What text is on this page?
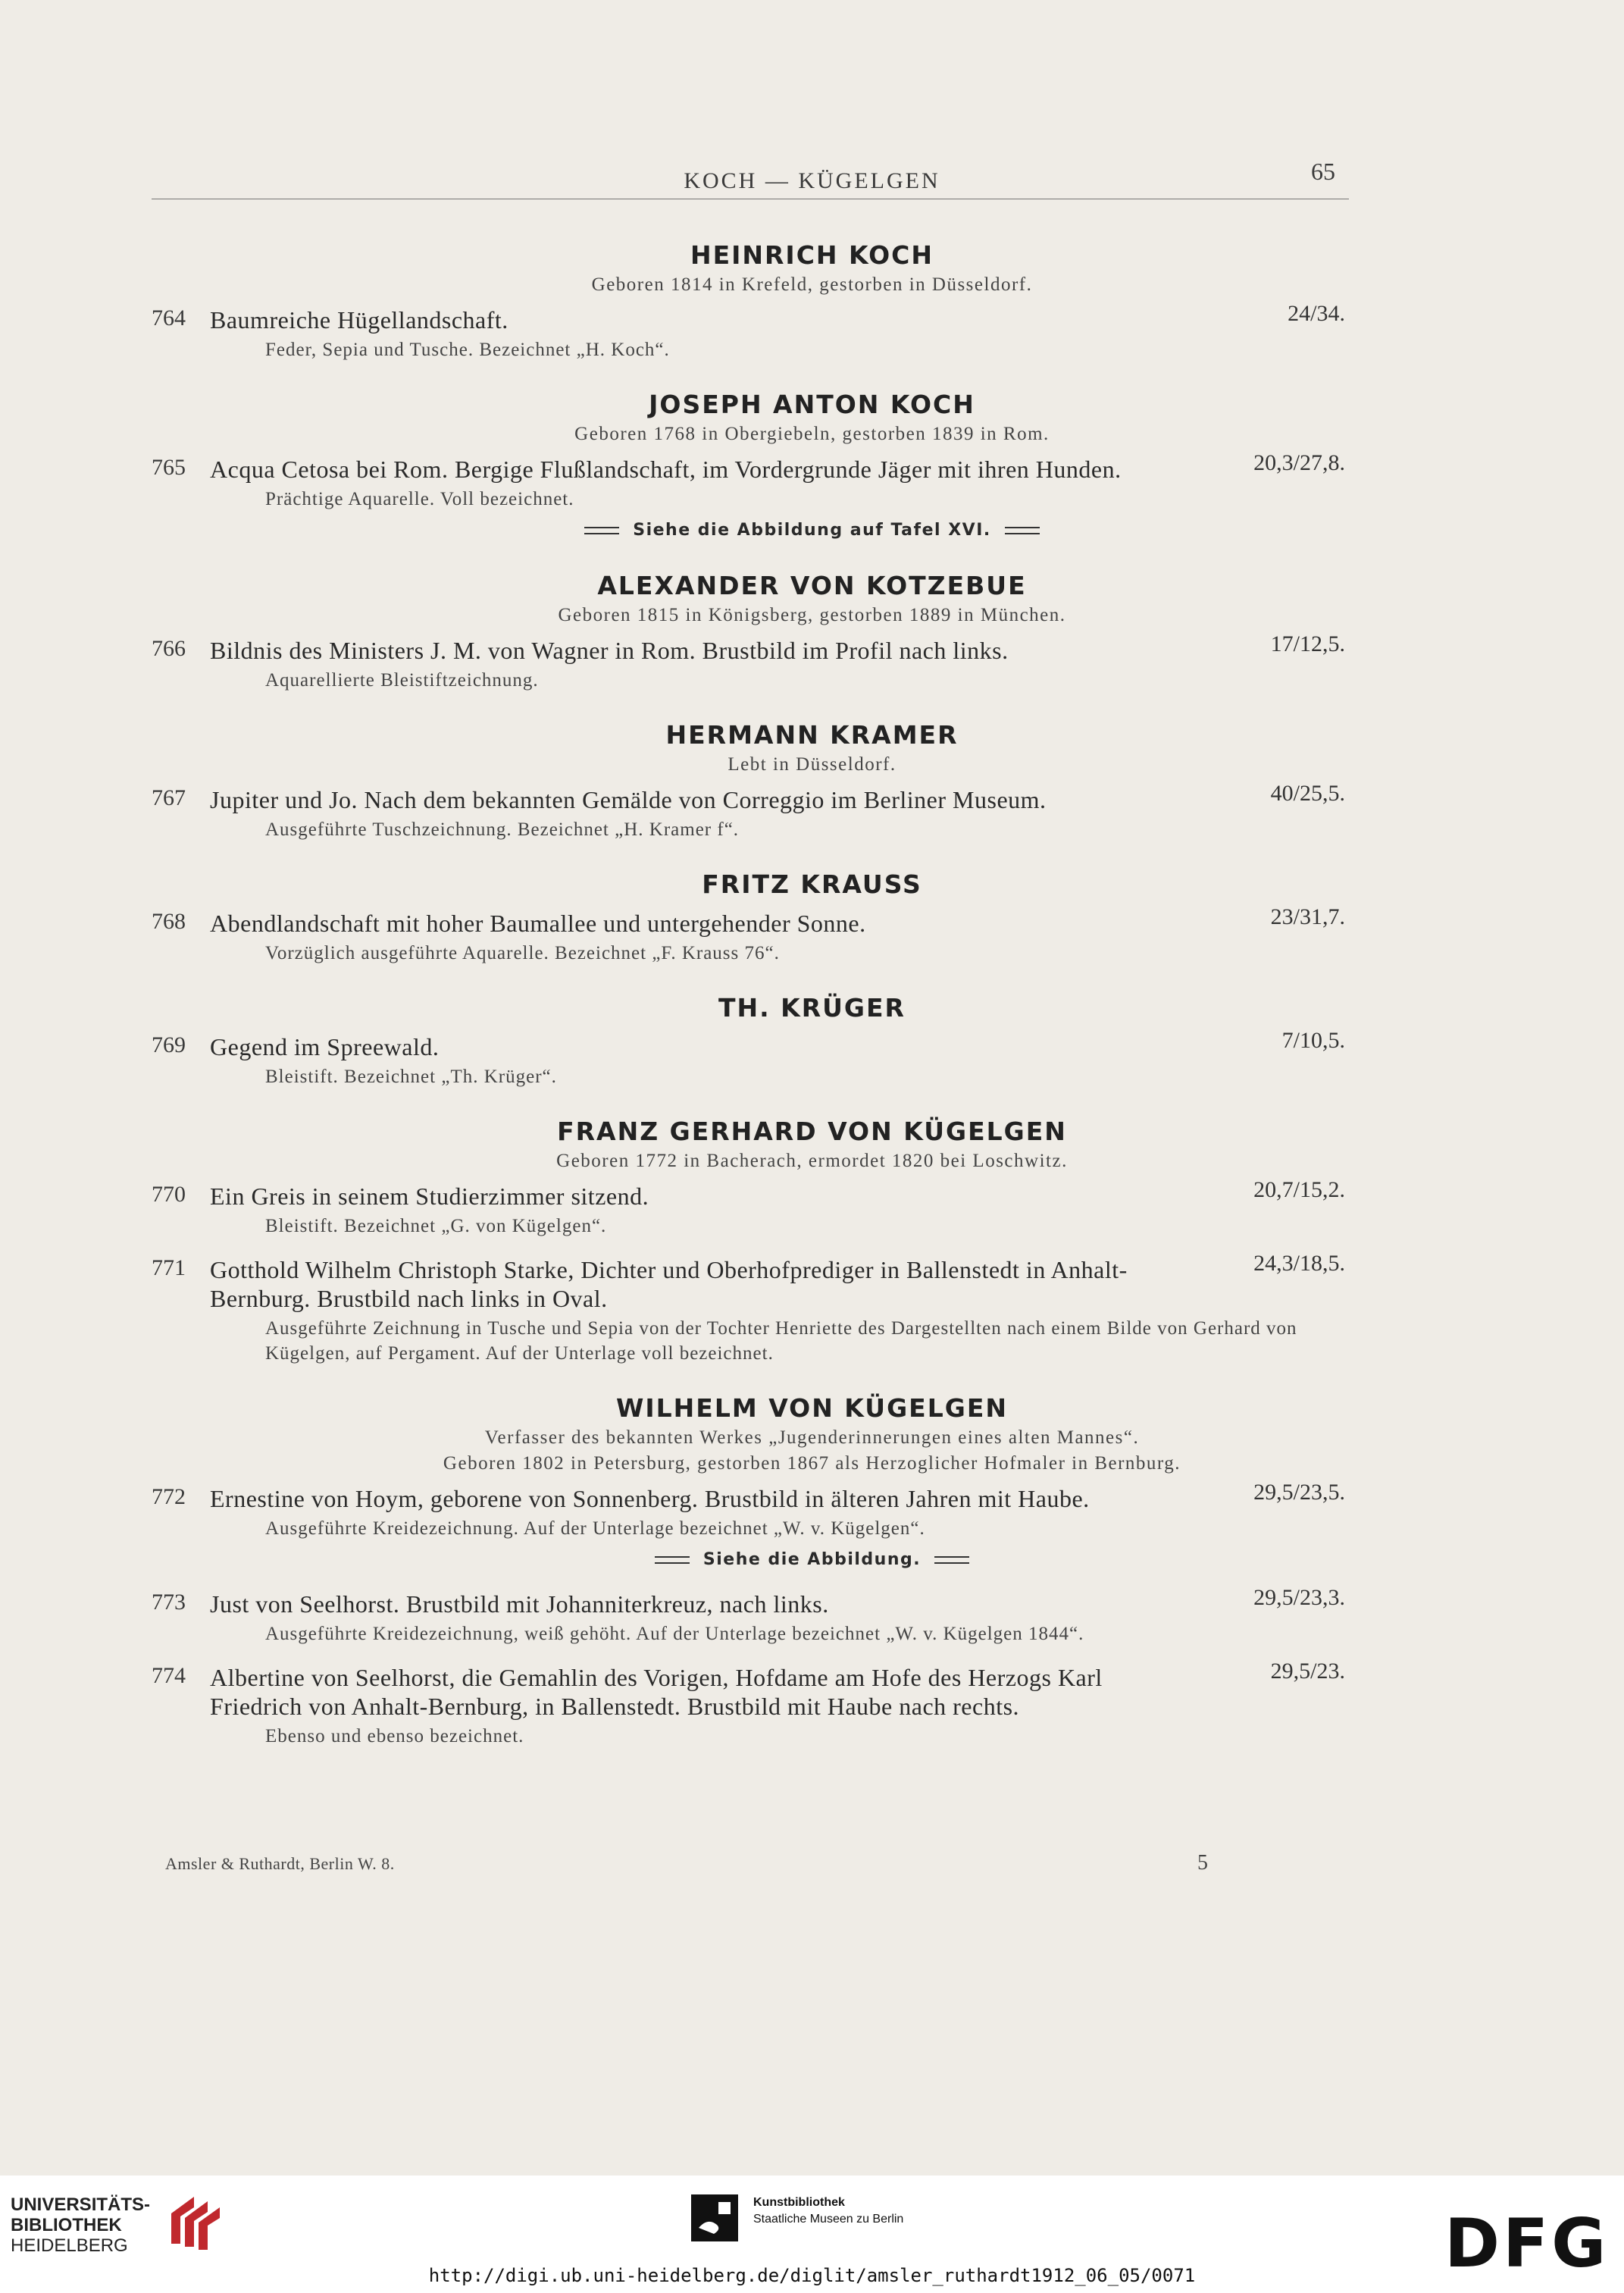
KOCH — KÜGELGEN	65
HEINRICH KOCH
Geboren 1814 in Krefeld, gestorben in Düsseldorf.
764	24/34.
Baumreiche Hügellandschaft.
Feder, Sepia und Tusche. Bezeichnet „H. Koch“.
JOSEPH ANTON KOCH
Geboren 1768 in Obergiebeln, gestorben 1839 in Rom.
765	20,3/27,8.
Acqua Cetosa bei Rom. Bergige Flußlandschaft, im Vordergrunde Jäger mit ihren Hunden.
Prächtige Aquarelle. Voll bezeichnet.
Siehe die Abbildung auf Tafel XVI.
ALEXANDER VON KOTZEBUE
Geboren 1815 in Königsberg, gestorben 1889 in München.
766	17/12,5.
Bildnis des Ministers J. M. von Wagner in Rom. Brustbild im Profil nach links.
Aquarellierte Bleistiftzeichnung.
HERMANN KRAMER
Lebt in Düsseldorf.
767	40/25,5.
Jupiter und Jo. Nach dem bekannten Gemälde von Correggio im Berliner Museum.
Ausgeführte Tuschzeichnung. Bezeichnet „H. Kramer f“.
FRITZ KRAUSS
768	23/31,7.
Abendlandschaft mit hoher Baumallee und untergehender Sonne.
Vorzüglich ausgeführte Aquarelle. Bezeichnet „F. Krauss 76“.
TH. KRÜGER
769	7/10,5.
Gegend im Spreewald.
Bleistift. Bezeichnet „Th. Krüger“.
FRANZ GERHARD VON KÜGELGEN
Geboren 1772 in Bacherach, ermordet 1820 bei Loschwitz.
770	20,7/15,2.
Ein Greis in seinem Studierzimmer sitzend.
Bleistift. Bezeichnet „G. von Kügelgen“.
771	24,3/18,5.
Gotthold Wilhelm Christoph Starke, Dichter und Oberhofprediger in Ballenstedt in Anhalt-Bernburg. Brustbild nach links in Oval.
Ausgeführte Zeichnung in Tusche und Sepia von der Tochter Henriette des Dargestellten nach einem Bilde von Gerhard von Kügelgen, auf Pergament. Auf der Unterlage voll bezeichnet.
WILHELM VON KÜGELGEN
Verfasser des bekannten Werkes „Jugenderinnerungen eines alten Mannes“.
Geboren 1802 in Petersburg, gestorben 1867 als Herzoglicher Hofmaler in Bernburg.
772	29,5/23,5.
Ernestine von Hoym, geborene von Sonnenberg. Brustbild in älteren Jahren mit Haube.
Ausgeführte Kreidezeichnung. Auf der Unterlage bezeichnet „W. v. Kügelgen“.
Siehe die Abbildung.
773	29,5/23,3.
Just von Seelhorst. Brustbild mit Johanniterkreuz, nach links.
Ausgeführte Kreidezeichnung, weiß gehöht. Auf der Unterlage bezeichnet „W. v. Kügelgen 1844“.
774	29,5/23.
Albertine von Seelhorst, die Gemahlin des Vorigen, Hofdame am Hofe des Herzogs Karl Friedrich von Anhalt-Bernburg, in Ballenstedt. Brustbild mit Haube nach rechts.
Ebenso und ebenso bezeichnet.
Amsler & Ruthardt, Berlin W. 8.	5
UNIVERSITÄTS-
BIBLIOTHEK
HEIDELBERG
Kunstbibliothek
Staatliche Museen zu Berlin	DFG
http://digi.ub.uni-heidelberg.de/diglit/amsler_ruthardt1912_06_05/0071
